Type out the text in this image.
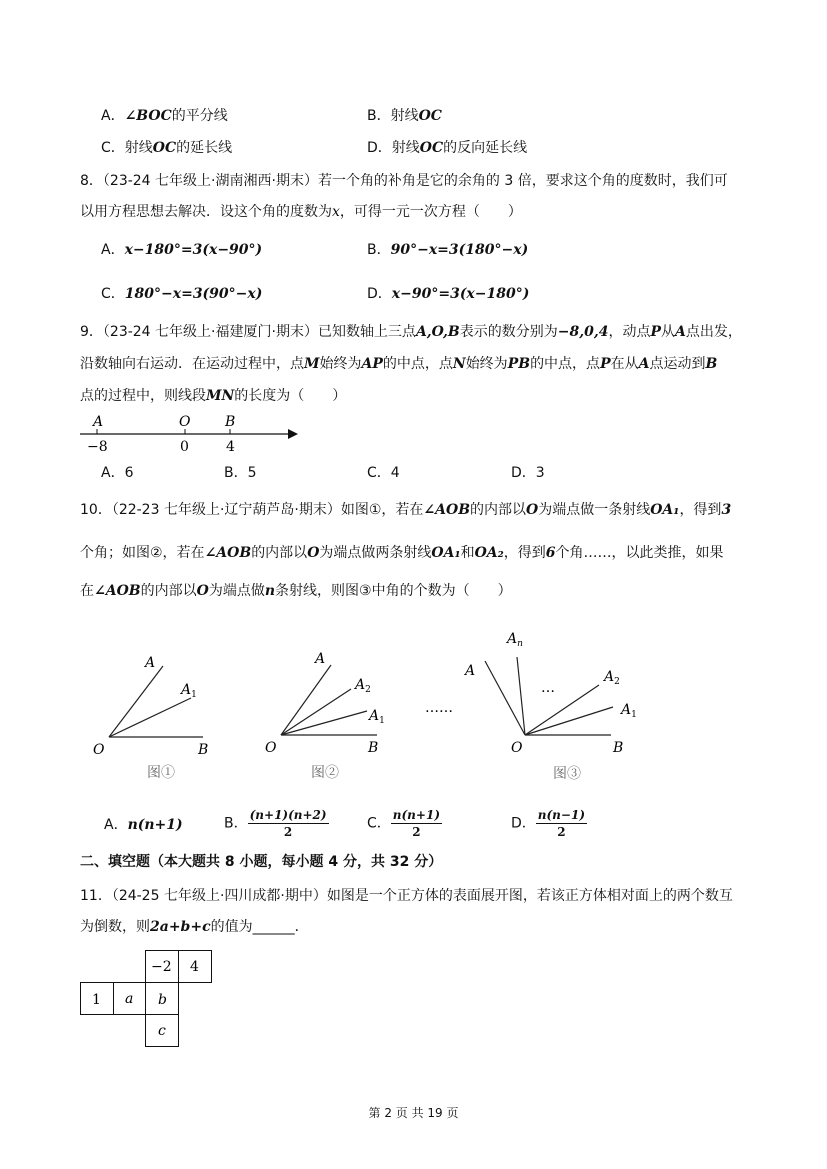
A．∠BOC的平分线	B．射线OC
C．射线OC的延长线	D．射线OC的反向延长线
8．（23-24 七年级上·湖南湘西·期末）若一个角的补角是它的余角的 3 倍，要求这个角的度数时，我们可
以用方程思想去解决．设这个角的度数为x，可得一元一次方程（　　）
A．x−180°=3(x−90°)	B．90°−x=3(180°−x)
C．180°−x=3(90°−x)	D．x−90°=3(x−180°)
9．（23-24 七年级上·福建厦门·期末）已知数轴上三点A,O,B表示的数分别为−8,0,4，动点P从A点出发，
沿数轴向右运动．在运动过程中，点M始终为AP的中点，点N始终为PB的中点，点P在从A点运动到B
点的过程中，则线段MN的长度为（　　）
A	O B
−8	0	4
A．6	B．5	C．4	D．3
10．（22-23 七年级上·辽宁葫芦岛·期末）如图①，若在∠AOB的内部以O为端点做一条射线OA₁，得到3
个角；如图②，若在∠AOB的内部以O为端点做两条射线OA₁和OA₂，得到6个角……，以此类推，如果
在∠AOB的内部以O为端点做n条射线，则图③中角的个数为（　　）
A
$A_1$
O	B
图①
A
$A_2$
$A_1$
O	B
图②
……
$A_n$
A
…
$A_2$
$A_1$
O	B
图③
A．n(n+1)	B． $\frac{(n+1)(n+2)}{2}$	C． $\frac{n(n+1)}{2}$	D． $\frac{n(n-1)}{2}$
二、填空题（本大题共 8 小题，每小题 4 分，共 32 分）
11．（24-25 七年级上·四川成都·期中）如图是一个正方体的表面展开图，若该正方体相对面上的两个数互
为倒数，则2a+b+c的值为______．
−2 4
1 a b
c
第 2 页 共 19 页
